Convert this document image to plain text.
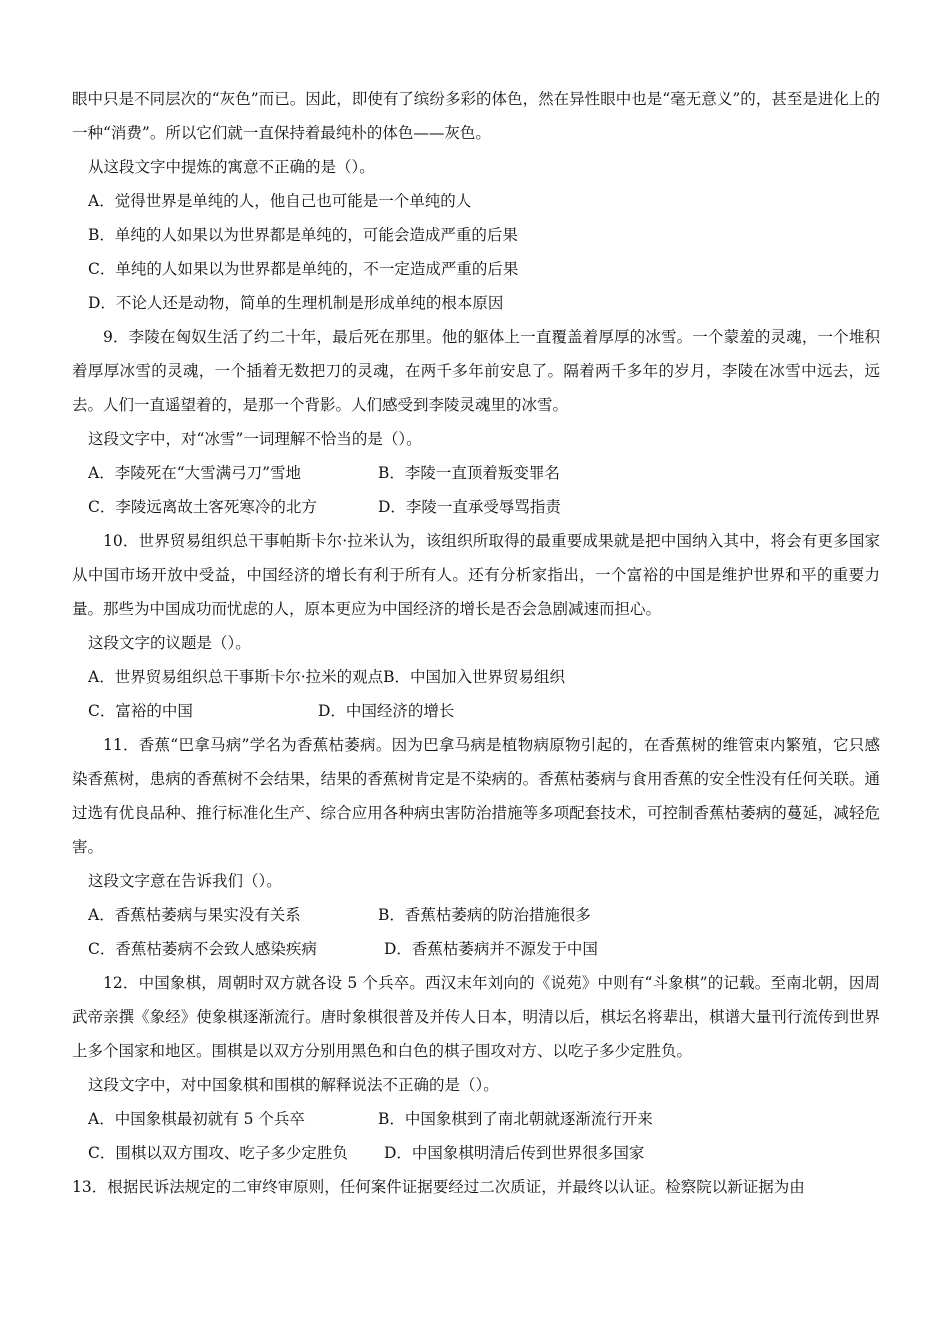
眼中只是不同层次的“灰色”而已。因此，即使有了缤纷多彩的体色，然在异性眼中也是“毫无意义”的，甚至是进化上的一种“消费”。所以它们就一直保持着最纯朴的体色——灰色。

从这段文字中提炼的寓意不正确的是（）。

A．觉得世界是单纯的人，他自己也可能是一个单纯的人

B．单纯的人如果以为世界都是单纯的，可能会造成严重的后果

C．单纯的人如果以为世界都是单纯的，不一定造成严重的后果

D．不论人还是动物，简单的生理机制是形成单纯的根本原因

9．李陵在匈奴生活了约二十年，最后死在那里。他的躯体上一直覆盖着厚厚的冰雪。一个蒙羞的灵魂，一个堆积着厚厚冰雪的灵魂，一个插着无数把刀的灵魂，在两千多年前安息了。隔着两千多年的岁月，李陵在冰雪中远去，远去。人们一直遥望着的，是那一个背影。人们感受到李陵灵魂里的冰雪。

这段文字中，对“冰雪”一词理解不恰当的是（）。

A．李陵死在“大雪满弓刀”雪地	B．李陵一直顶着叛变罪名

C．李陵远离故土客死寒冷的北方	D．李陵一直承受辱骂指责

10．世界贸易组织总干事帕斯卡尔·拉米认为，该组织所取得的最重要成果就是把中国纳入其中，将会有更多国家从中国市场开放中受益，中国经济的增长有利于所有人。还有分析家指出，一个富裕的中国是维护世界和平的重要力量。那些为中国成功而忧虑的人，原本更应为中国经济的增长是否会急剧减速而担心。

这段文字的议题是（）。

A．世界贸易组织总干事斯卡尔·拉米的观点B．中国加入世界贸易组织

C．富裕的中国	D．中国经济的增长

11．香蕉“巴拿马病”学名为香蕉枯萎病。因为巴拿马病是植物病原物引起的，在香蕉树的维管束内繁殖，它只感染香蕉树，患病的香蕉树不会结果，结果的香蕉树肯定是不染病的。香蕉枯萎病与食用香蕉的安全性没有任何关联。通过选有优良品种、推行标准化生产、综合应用各种病虫害防治措施等多项配套技术，可控制香蕉枯萎病的蔓延，减轻危害。

这段文字意在告诉我们（）。

A．香蕉枯萎病与果实没有关系	B．香蕉枯萎病的防治措施很多

C．香蕉枯萎病不会致人感染疾病	D．香蕉枯萎病并不源发于中国

12．中国象棋，周朝时双方就各设 5 个兵卒。西汉末年刘向的《说苑》中则有“斗象棋”的记载。至南北朝，因周武帝亲撰《象经》使象棋逐渐流行。唐时象棋很普及并传人日本，明清以后，棋坛名将辈出，棋谱大量刊行流传到世界上多个国家和地区。围棋是以双方分别用黑色和白色的棋子围攻对方、以吃子多少定胜负。

这段文字中，对中国象棋和围棋的解释说法不正确的是（）。

A．中国象棋最初就有 5 个兵卒	B．中国象棋到了南北朝就逐渐流行开来

C．围棋以双方围攻、吃子多少定胜负 D．中国象棋明清后传到世界很多国家

13．根据民诉法规定的二审终审原则，任何案件证据要经过二次质证，并最终以认证。检察院以新证据为由
